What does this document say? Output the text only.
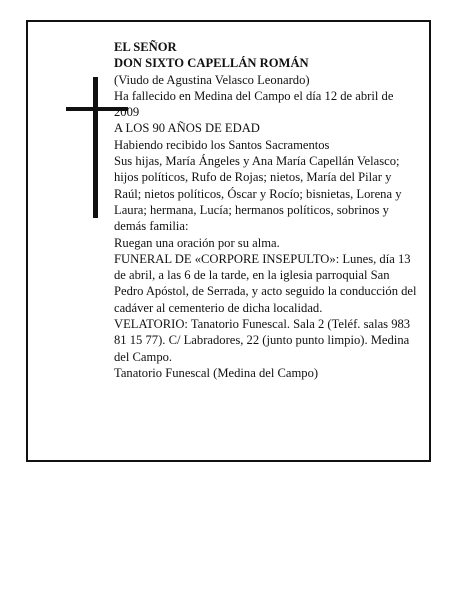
EL SEÑOR
DON SIXTO CAPELLÁN ROMÁN
(Viudo de Agustina Velasco Leonardo)
Ha fallecido en Medina del Campo el día 12 de abril de 2009
A LOS 90 AÑOS DE EDAD
Habiendo recibido los Santos Sacramentos
Sus hijas, María Ángeles y Ana María Capellán Velasco; hijos políticos, Rufo de Rojas; nietos, María del Pilar y Raúl; nietos políticos, Óscar y Rocío; bisnietas, Lorena y Laura; hermana, Lucía; hermanos políticos, sobrinos y demás familia:
Ruegan una oración por su alma.
FUNERAL DE «CORPORE INSEPULTO»: Lunes, día 13 de abril, a las 6 de la tarde, en la iglesia parroquial San Pedro Apóstol, de Serrada, y acto seguido la conducción del cadáver al cementerio de dicha localidad.
VELATORIO: Tanatorio Funescal. Sala 2 (Teléf. salas 983 81 15 77). C/ Labradores, 22 (junto punto limpio). Medina del Campo.
Tanatorio Funescal (Medina del Campo)
